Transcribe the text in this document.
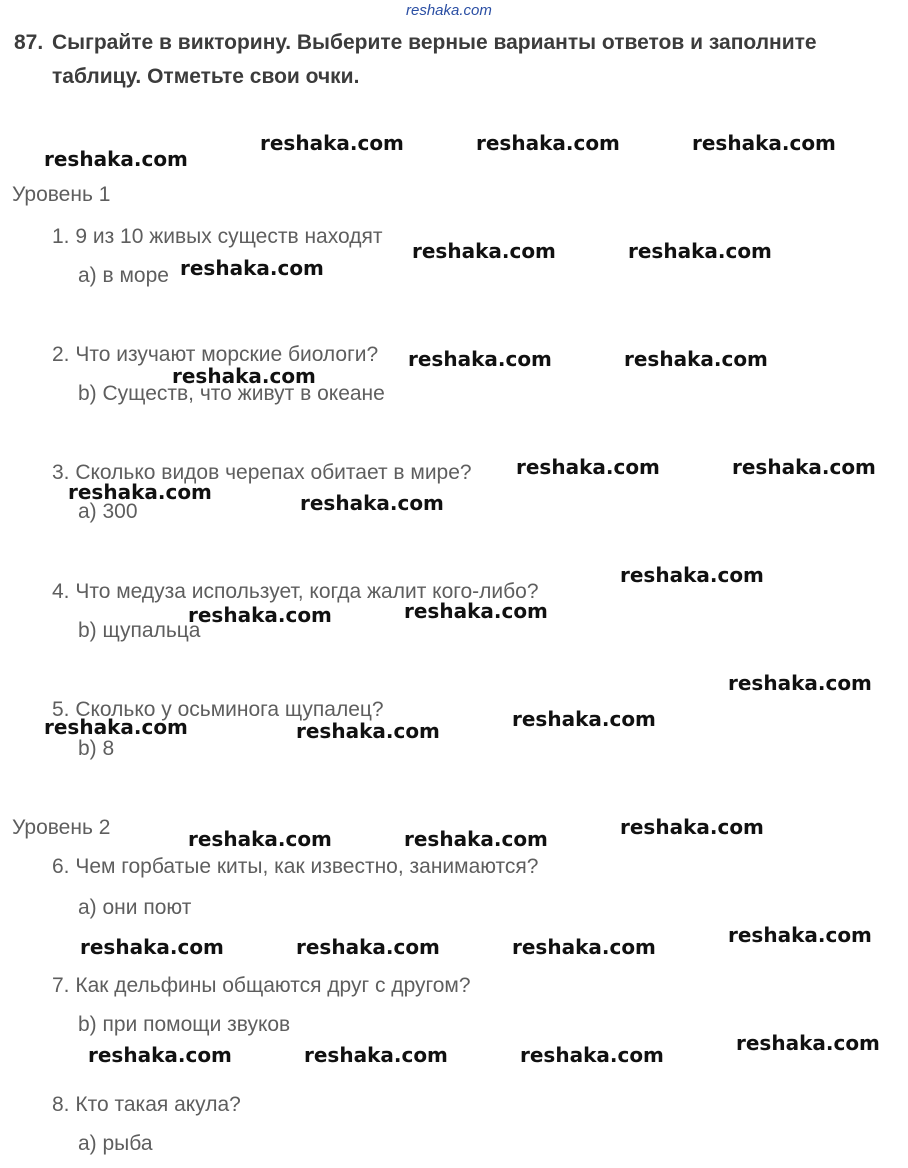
reshaka.com
87. Сыграйте в викторину. Выберите верные варианты ответов и заполните
таблицу. Отметьте свои очки.
Уровень 1
1. 9 из 10 живых существ находят
a) в море
2. Что изучают морские биологи?
b) Существ, что живут в океане
3. Сколько видов черепах обитает в мире?
a) 300
4. Что медуза использует, когда жалит кого-либо?
b) щупальца
5. Сколько у осьминога щупалец?
b) 8
Уровень 2
6. Чем горбатые киты, как известно, занимаются?
a) они поют
7. Как дельфины общаются друг с другом?
b) при помощи звуков
8. Кто такая акула?
a) рыба
reshaka.com
reshaka.com	reshaka.com	reshaka.com
reshaka.com
reshaka.com	reshaka.com
reshaka.com	reshaka.com
reshaka.com
reshaka.com	reshaka.com
reshaka.com	reshaka.com
reshaka.com
reshaka.com
reshaka.com
reshaka.com
reshaka.com
reshaka.com	reshaka.com
reshaka.com
reshaka.com	reshaka.com
reshaka.com
reshaka.com	reshaka.com	reshaka.com
reshaka.com
reshaka.com	reshaka.com	reshaka.com
